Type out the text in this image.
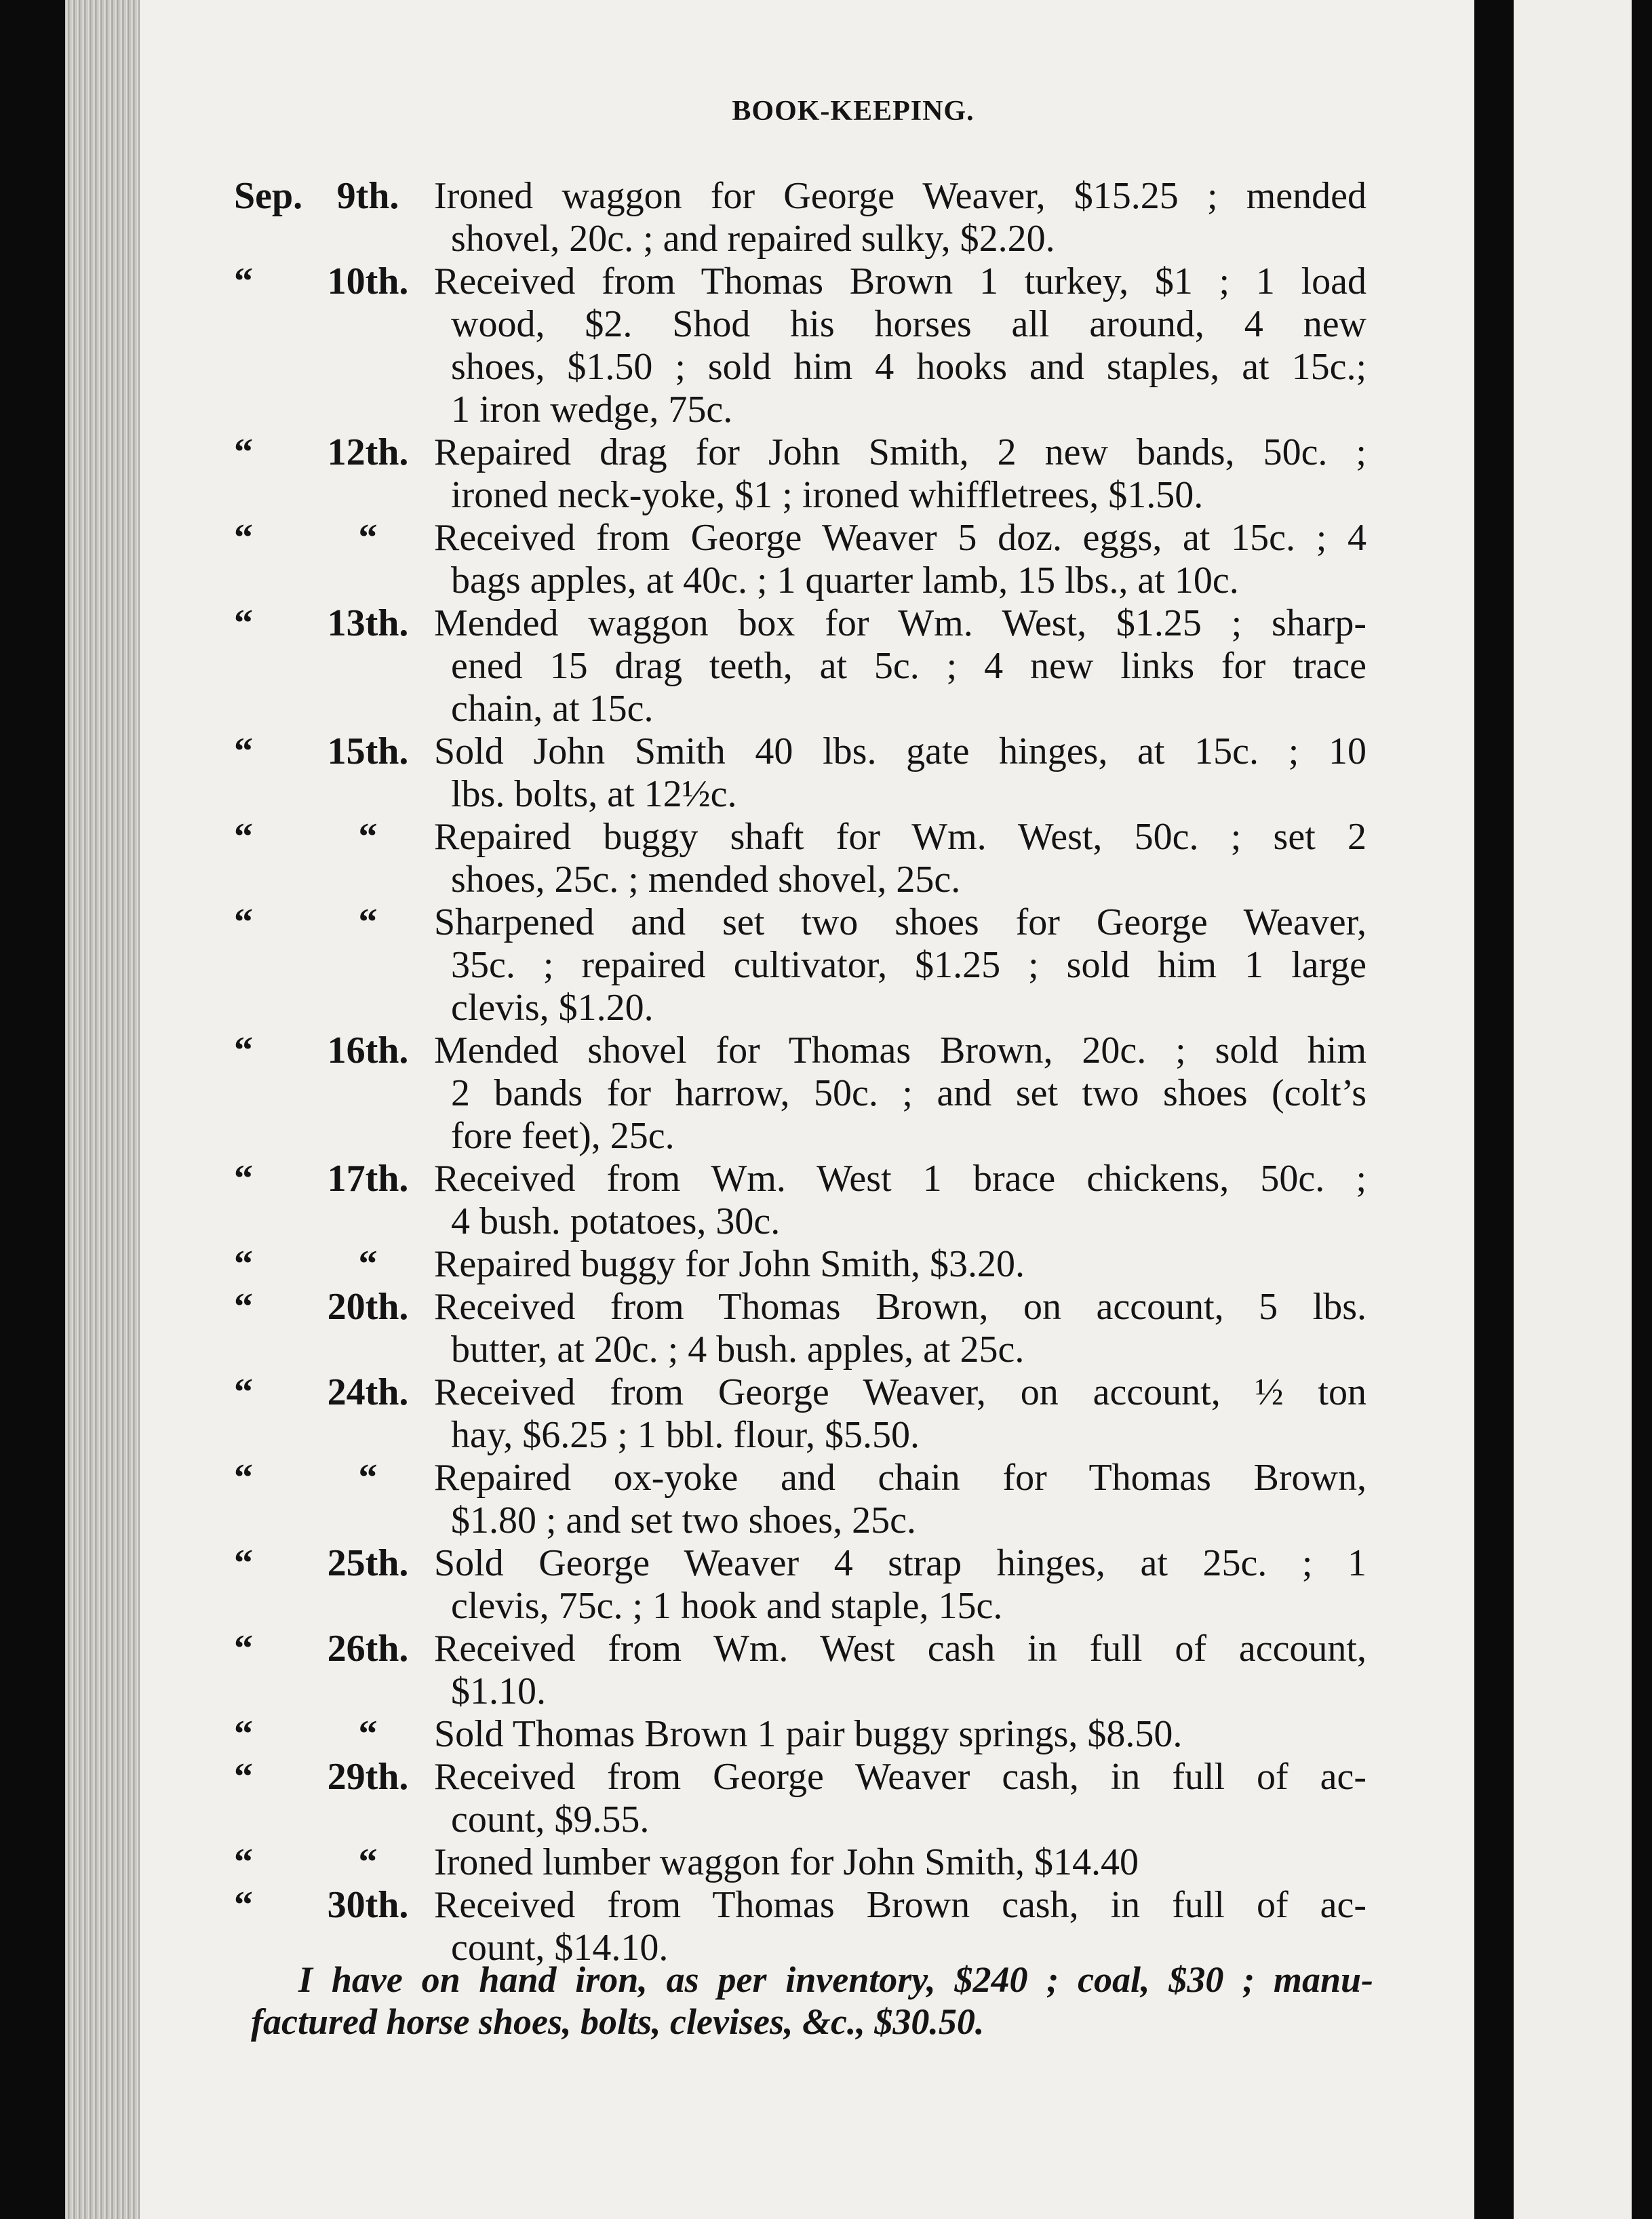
BOOK-KEEPING.
Sep. 9th. Ironed waggon for George Weaver, $15.25 ; mended
shovel, 20c. ; and repaired sulky, $2.20.
“	10th. Received from Thomas Brown 1 turkey, $1 ; 1 load
wood, $2. Shod his horses all around, 4 new
shoes, $1.50 ; sold him 4 hooks and staples, at 15c.;
1 iron wedge, 75c.
“	12th. Repaired drag for John Smith, 2 new bands, 50c. ;
ironed neck-yoke, $1 ; ironed whiffletrees, $1.50.
“	“	Received from George Weaver 5 doz. eggs, at 15c. ; 4
bags apples, at 40c. ; 1 quarter lamb, 15 lbs., at 10c.
“	13th. Mended waggon box for Wm. West, $1.25 ; sharp-
ened 15 drag teeth, at 5c. ; 4 new links for trace
chain, at 15c.
“	15th. Sold John Smith 40 lbs. gate hinges, at 15c. ; 10
lbs. bolts, at 12½c.
“	“	Repaired buggy shaft for Wm. West, 50c. ; set 2
shoes, 25c. ; mended shovel, 25c.
“	“	Sharpened and set two shoes for George Weaver,
35c. ; repaired cultivator, $1.25 ; sold him 1 large
clevis, $1.20.
“	16th. Mended shovel for Thomas Brown, 20c. ; sold him
2 bands for harrow, 50c. ; and set two shoes (colt’s
fore feet), 25c.
“	17th. Received from Wm. West 1 brace chickens, 50c. ;
4 bush. potatoes, 30c.
“	“	Repaired buggy for John Smith, $3.20.
“	20th. Received from Thomas Brown, on account, 5 lbs.
butter, at 20c. ; 4 bush. apples, at 25c.
“	24th. Received from George Weaver, on account, ½ ton
hay, $6.25 ; 1 bbl. flour, $5.50.
“	“	Repaired ox-yoke and chain for Thomas Brown,
$1.80 ; and set two shoes, 25c.
“	25th. Sold George Weaver 4 strap hinges, at 25c. ; 1
clevis, 75c. ; 1 hook and staple, 15c.
“	26th. Received from Wm. West cash in full of account,
$1.10.
“	“	Sold Thomas Brown 1 pair buggy springs, $8.50.
“	29th. Received from George Weaver cash, in full of ac-
count, $9.55.
“	“	Ironed lumber waggon for John Smith, $14.40
“	30th. Received from Thomas Brown cash, in full of ac-
count, $14.10.
I have on hand iron, as per inventory, $240 ; coal, $30 ; manu-
factured horse shoes, bolts, clevises, &c., $30.50.
